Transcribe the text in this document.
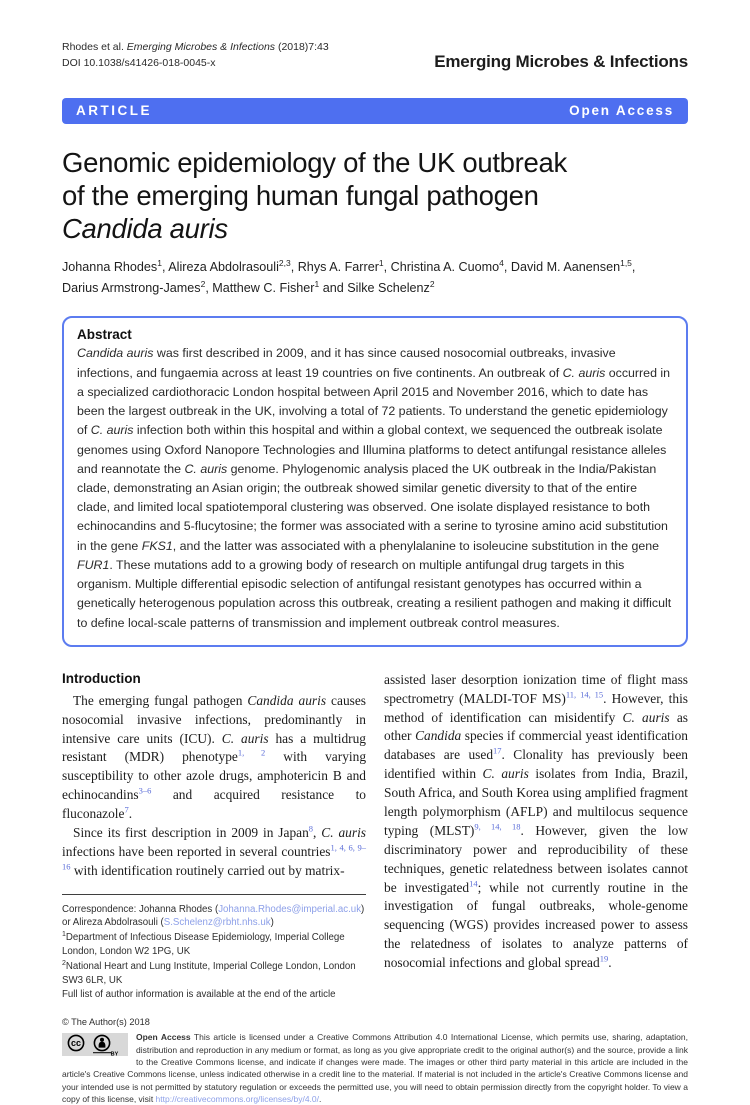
Rhodes et al. Emerging Microbes & Infections (2018)7:43
DOI 10.1038/s41426-018-0045-x	Emerging Microbes & Infections
ARTICLE	Open Access
Genomic epidemiology of the UK outbreak
of the emerging human fungal pathogen
Candida auris
Johanna Rhodes$^1$, Alireza Abdolrasouli$^{2,3}$, Rhys A. Farrer$^1$, Christina A. Cuomo$^4$, David M. Aanensen$^{1,5}$,
Darius Armstrong-James$^2$, Matthew C. Fisher$^1$ and Silke Schelenz$^2$
Abstract

Candida auris was first described in 2009, and it has since caused nosocomial outbreaks, invasive infections, and fungaemia across at least 19 countries on five continents. An outbreak of C. auris occurred in a specialized cardiothoracic London hospital between April 2015 and November 2016, which to date has been the largest outbreak in the UK, involving a total of 72 patients. To understand the genetic epidemiology of C. auris infection both within this hospital and within a global context, we sequenced the outbreak isolate genomes using Oxford Nanopore Technologies and Illumina platforms to detect antifungal resistance alleles and reannotate the C. auris genome. Phylogenomic analysis placed the UK outbreak in the India/Pakistan clade, demonstrating an Asian origin; the outbreak showed similar genetic diversity to that of the entire clade, and limited local spatiotemporal clustering was observed. One isolate displayed resistance to both echinocandins and 5-flucytosine; the former was associated with a serine to tyrosine amino acid substitution in the gene FKS1, and the latter was associated with a phenylalanine to isoleucine substitution in the gene FUR1. These mutations add to a growing body of research on multiple antifungal drug targets in this organism. Multiple differential episodic selection of antifungal resistant genotypes has occurred within a genetically heterogenous population across this outbreak, creating a resilient pathogen and making it difficult to define local-scale patterns of transmission and implement outbreak control measures.

Introduction

The emerging fungal pathogen Candida auris causes nosocomial invasive infections, predominantly in intensive care units (ICU). C. auris has a multidrug resistant (MDR) phenotype$^{1, 2}$ with varying susceptibility to other azole drugs, amphotericin B and echinocandins$^{3-6}$ and acquired resistance to fluconazole$^7$.

Since its first description in 2009 in Japan$^8$, C. auris infections have been reported in several countries$^{1, 4, 6, 9-16}$ with identification routinely carried out by matrix-

Correspondence: Johanna Rhodes (Johanna.Rhodes@imperial.ac.uk) or Alireza Abdolrasouli (S.Schelenz@rbht.nhs.uk)

$^1$Department of Infectious Disease Epidemiology, Imperial College London, London W2 1PG, UK

$^2$National Heart and Lung Institute, Imperial College London, London SW3 6LR, UK

Full list of author information is available at the end of the article

assisted laser desorption ionization time of flight mass spectrometry (MALDI-TOF MS)$^{11, 14, 15}$. However, this method of identification can misidentify C. auris as other Candida species if commercial yeast identification databases are used$^{17}$. Clonality has previously been identified within C. auris isolates from India, Brazil, South Africa, and South Korea using amplified fragment length polymorphism (AFLP) and multilocus sequence typing (MLST)$^{9, 14, 18}$. However, given the low discriminatory power and reproducibility of these techniques, genetic relatedness between isolates cannot be investigated$^{14}$; while not currently routine in the investigation of fungal outbreaks, whole-genome sequencing (WGS) provides increased power to assess the relatedness of isolates to analyze patterns of nosocomial infections and global spread$^{19}$.

© The Author(s) 2018

cc
BY

Open Access This article is licensed under a Creative Commons Attribution 4.0 International License, which permits use, sharing, adaptation, distribution and reproduction in any medium or format, as long as you give appropriate credit to the original author(s) and the source, provide a link to the Creative Commons license, and indicate if changes were made. The images or other third party material in this article are included in the article's Creative Commons license, unless indicated otherwise in a credit line to the material. If material is not included in the article's Creative Commons license and your intended use is not permitted by statutory regulation or exceeds the permitted use, you will need to obtain permission directly from the copyright holder. To view a copy of this license, visit http://creativecommons.org/licenses/by/4.0/.
